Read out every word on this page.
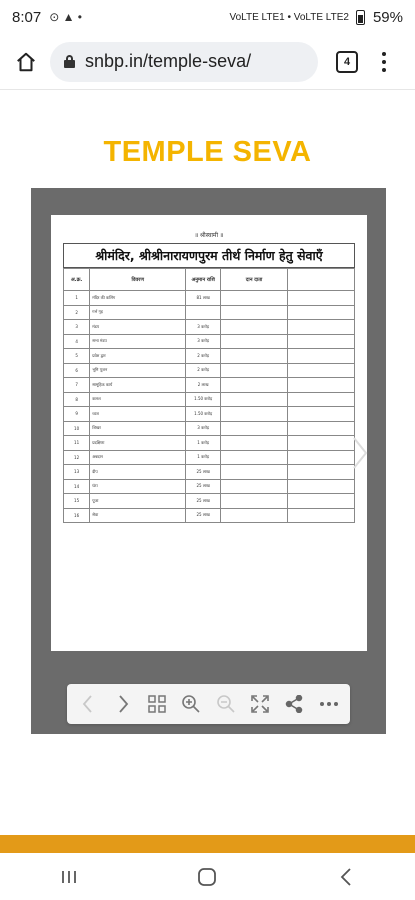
8:07 ⊙ ▲ •	VoLTE LTE1 • VoLTE LTE2 59%
snbp.in/temple-seva/	4
TEMPLE SEVA
॥ श्रीस्वामी ॥
श्रीमंदिर, श्रीश्रीनारायणपुरम तीर्थ निर्माण हेतु सेवाएँ
अ.क्र.	विवरण	अनुमान राशि	दान दाता	
1	मंदिर की कलिंग	81 लाख		
2	गर्भ गृह			
3	मंडप	3 करोड़		
4	सभा मंडप	3 करोड़		
5	प्रवेश द्वार	2 करोड़		
6	भूमि पूजन	2 करोड़		
7	सामूहिक कार्य	2 लाख		
8	कलश	1.50 करोड़		
9	ध्वज	1.50 करोड़		
10	शिखर	3 करोड़		
11	प्रदक्षिणा	1 करोड़		
12	अन्नदान	1 करोड़		
13	दीप	25 लाख		
14	घंटा	25 लाख		
15	पूजा	25 लाख		
16	सेवा	25 लाख		
